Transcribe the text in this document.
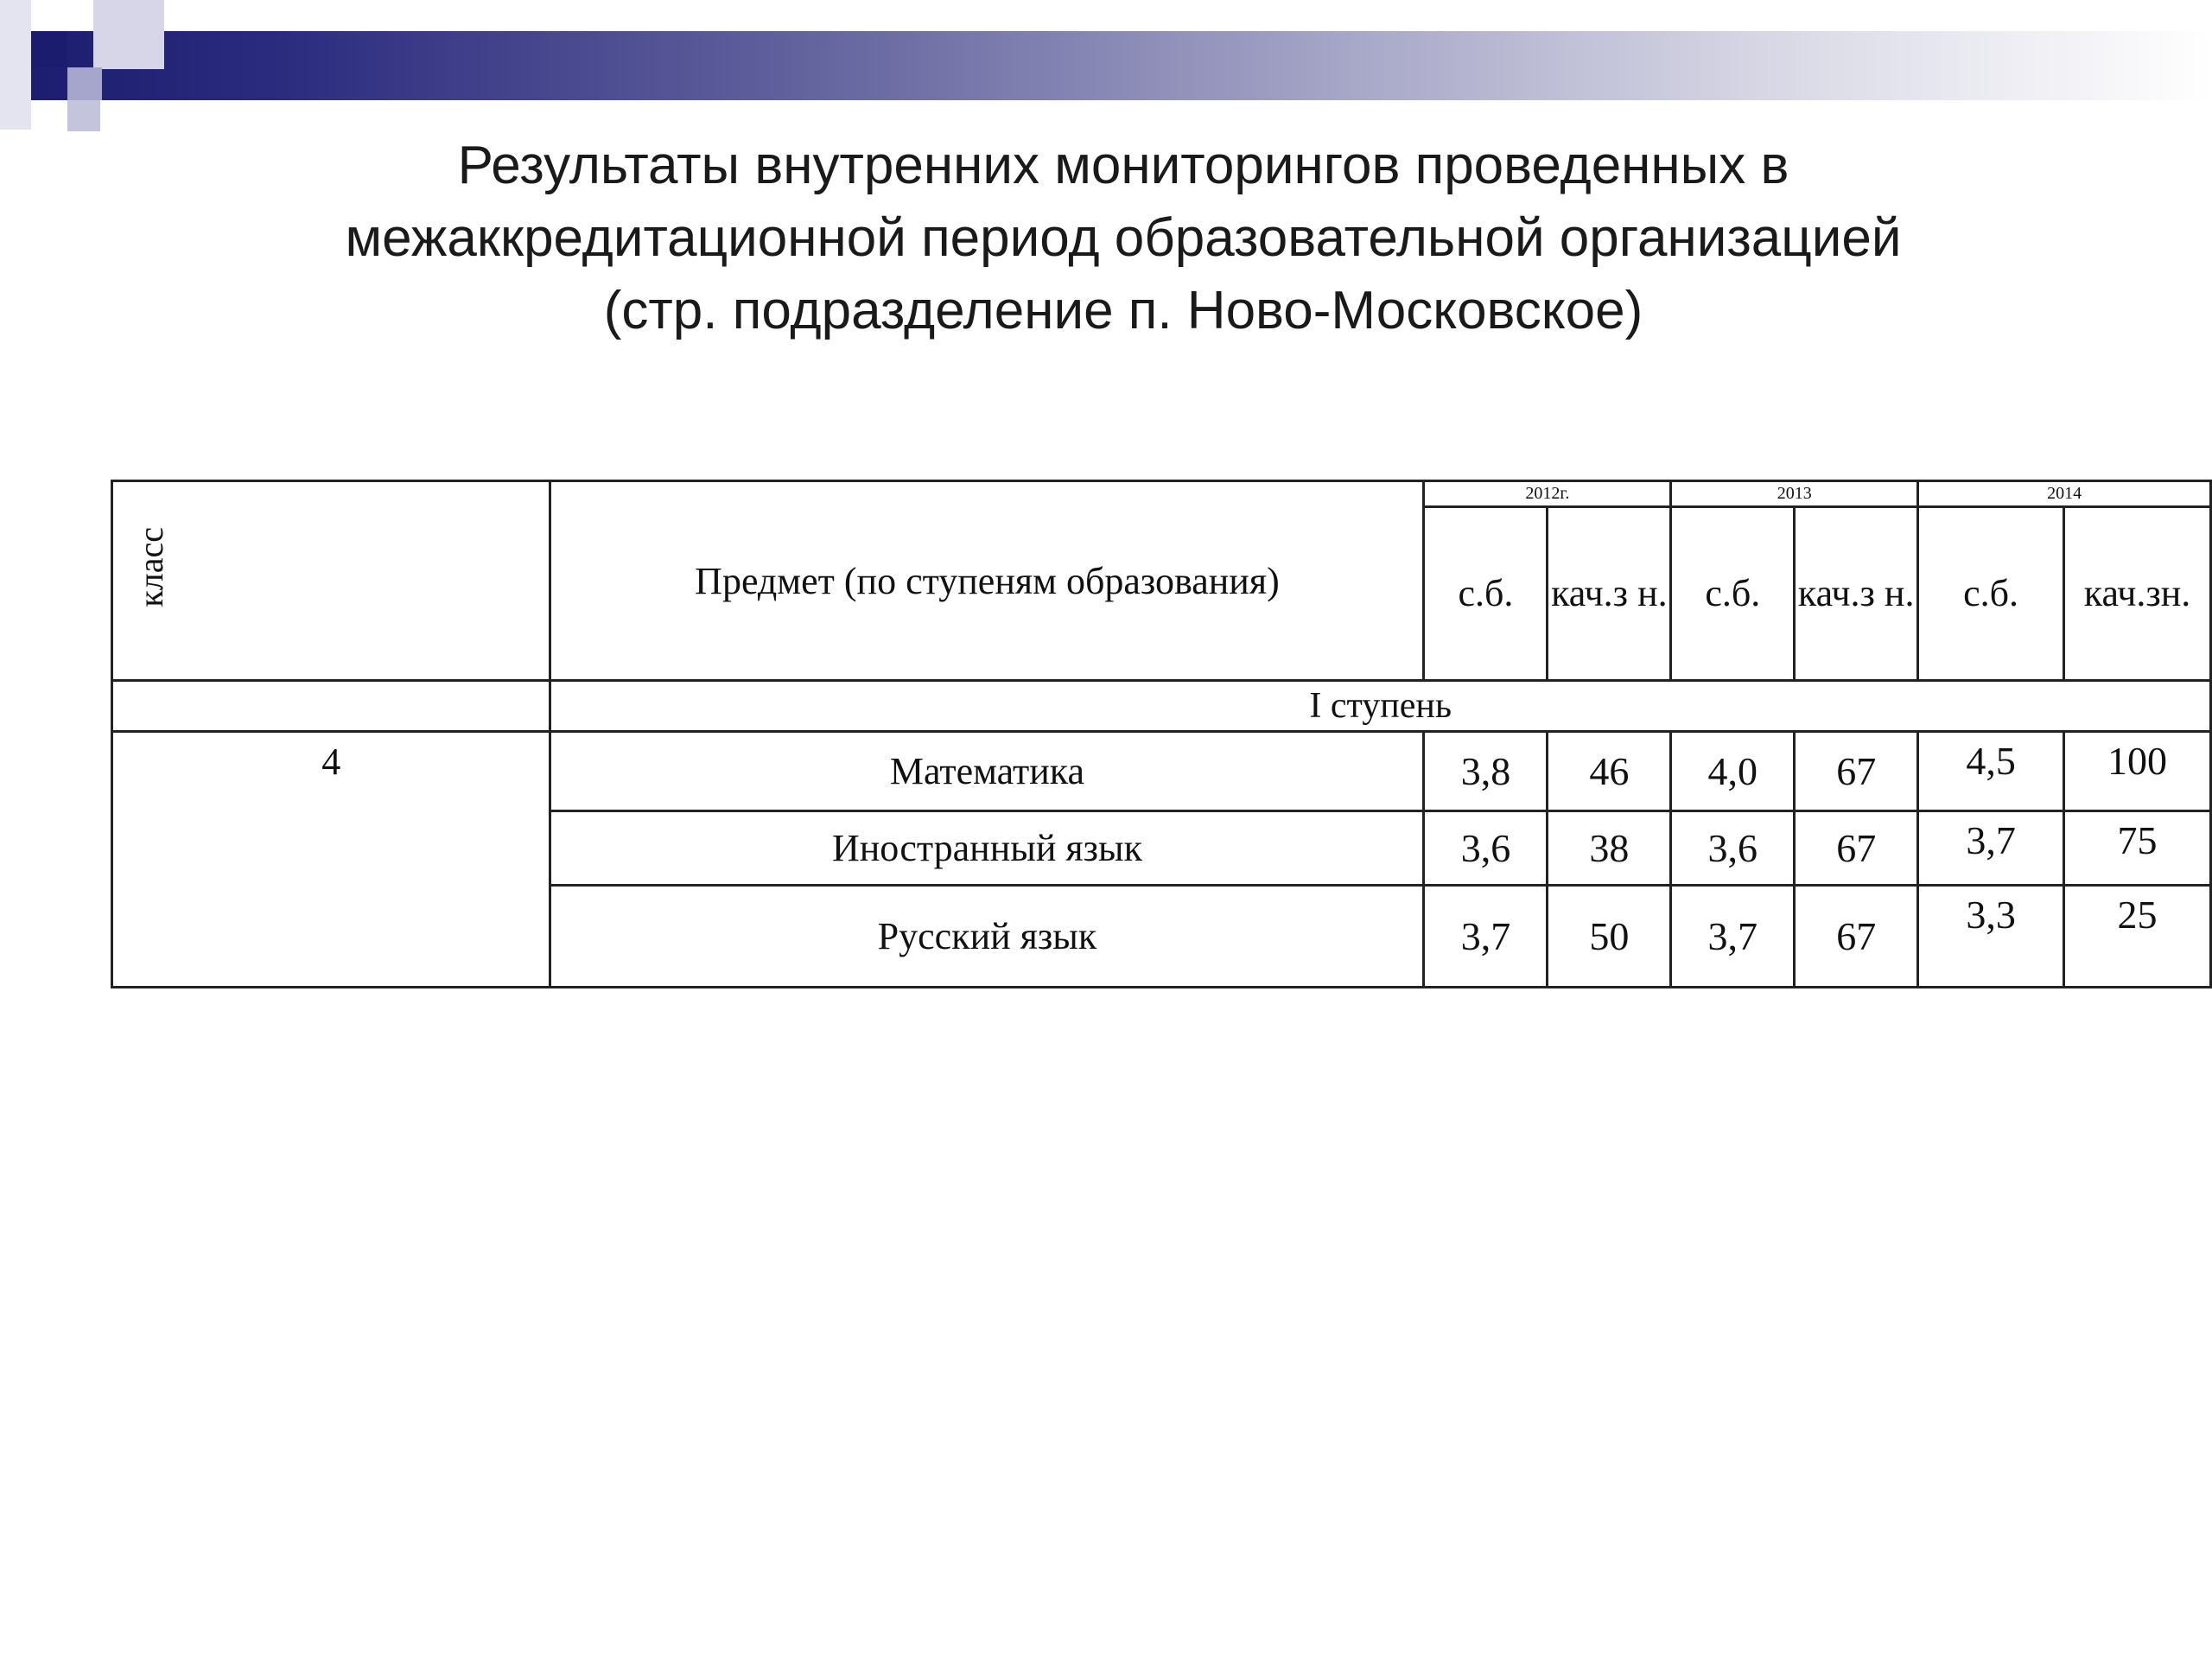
Результаты внутренних мониторингов проведенных в
межаккредитационной период образовательной организацией
(стр. подразделение п. Ново-Московское)
класс	Предмет (по ступеням образования)	2012г.		2013		2014	
		с.б.	кач.з н.	с.б.	кач.з н.	с.б.	кач.зн.
	I ступень						
4	Математика	3,8	46	4,0	67	4,5	100
	Иностранный язык	3,6	38	3,6	67	3,7	75
	Русский язык	3,7	50	3,7	67	3,3	25
